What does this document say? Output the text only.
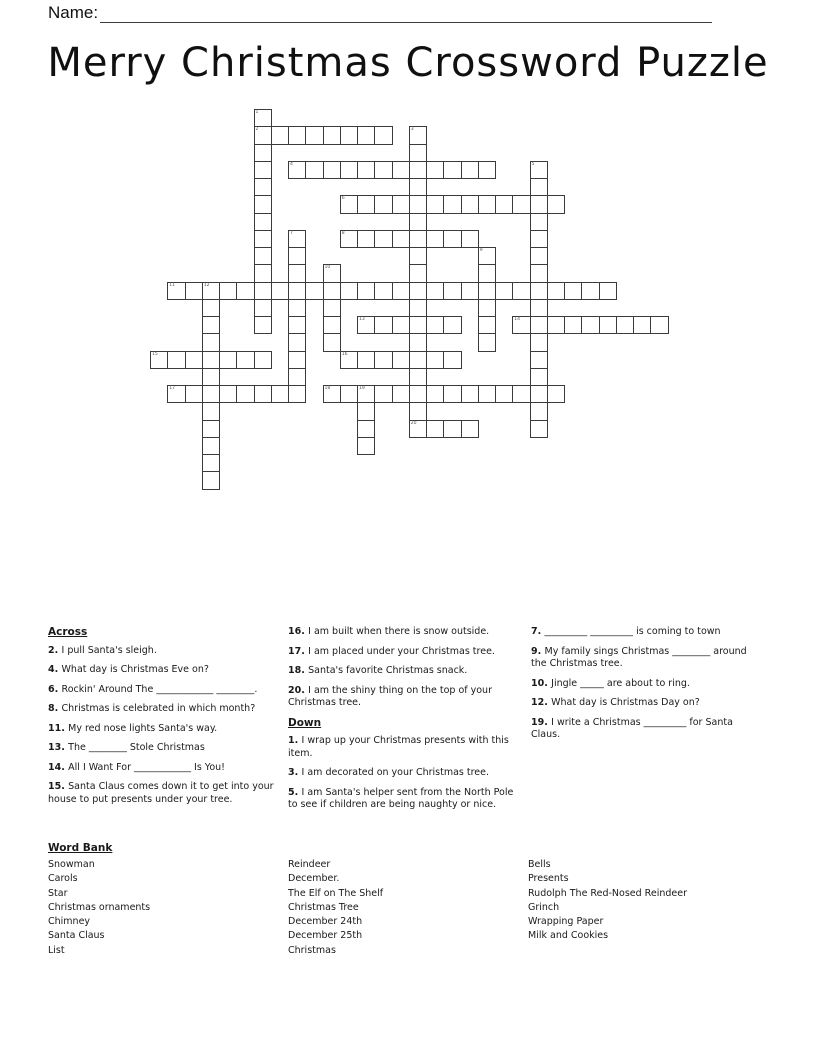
Name:
Merry Christmas Crossword Puzzle
1
2	3
20
4	5
6
7	8
9
10
11	12
13	14
15	16
17	18	19
Across
2. I pull Santa's sleigh.
4. What day is Christmas Eve on?
6. Rockin' Around The ____________ ________.
8. Christmas is celebrated in which month?
11. My red nose lights Santa's way.
13. The ________ Stole Christmas
14. All I Want For ____________ Is You!
15. Santa Claus comes down it to get into your house to put presents under your tree.
16. I am built when there is snow outside.
17. I am placed under your Christmas tree.
18. Santa's favorite Christmas snack.
20. I am the shiny thing on the top of your Christmas tree.
Down
1. I wrap up your Christmas presents with this item.
3. I am decorated on your Christmas tree.
5. I am Santa's helper sent from the North Pole to see if children are being naughty or nice.
7. _________ _________ is coming to town
9. My family sings Christmas ________ around the Christmas tree.
10. Jingle _____ are about to ring.
12. What day is Christmas Day on?
19. I write a Christmas _________ for Santa Claus.
Word Bank
Snowman
Carols
Star
Christmas ornaments
Chimney
Santa Claus
List
Reindeer
December.
The Elf on The Shelf
Christmas Tree
December 24th
December 25th
Christmas
Bells
Presents
Rudolph The Red-Nosed Reindeer
Grinch
Wrapping Paper
Milk and Cookies
